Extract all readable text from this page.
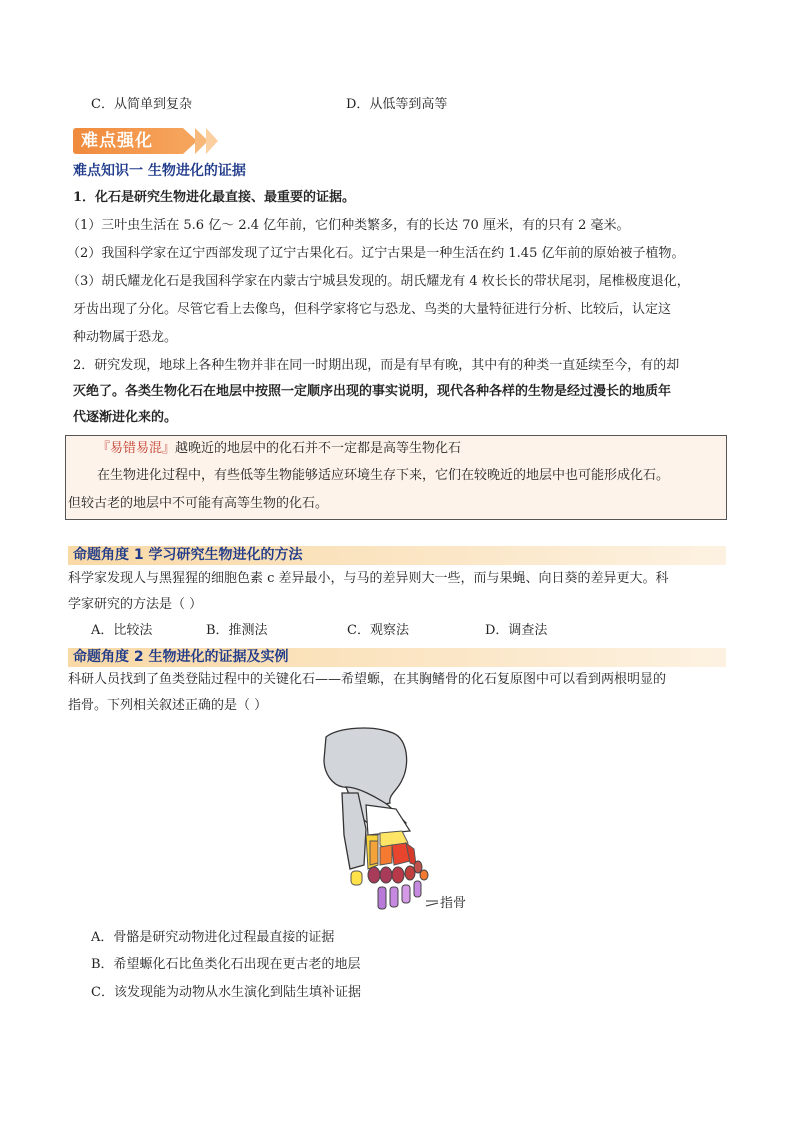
C．从简单到复杂	D．从低等到高等
难点强化
难点知识一 生物进化的证据
1．化石是研究生物进化最直接、最重要的证据。
（1）三叶虫生活在 5.6 亿～ 2.4 亿年前，它们种类繁多，有的长达 70 厘米，有的只有 2 毫米。
（2）我国科学家在辽宁西部发现了辽宁古果化石。辽宁古果是一种生活在约 1.45 亿年前的原始被子植物。
（3）胡氏耀龙化石是我国科学家在内蒙古宁城县发现的。胡氏耀龙有 4 枚长长的带状尾羽，尾椎极度退化，
牙齿出现了分化。尽管它看上去像鸟，但科学家将它与恐龙、鸟类的大量特征进行分析、比较后，认定这
种动物属于恐龙。
2．研究发现，地球上各种生物并非在同一时期出现，而是有早有晚，其中有的种类一直延续至今，有的却
灭绝了。各类生物化石在地层中按照一定顺序出现的事实说明，现代各种各样的生物是经过漫长的地质年
代逐渐进化来的。
『易错易混』越晚近的地层中的化石并不一定都是高等生物化石
在生物进化过程中，有些低等生物能够适应环境生存下来，它们在较晚近的地层中也可能形成化石。
但较古老的地层中不可能有高等生物的化石。
命题角度 1 学习研究生物进化的方法
科学家发现人与黑猩猩的细胞色素 c 差异最小，与马的差异则大一些，而与果蝇、向日葵的差异更大。科
学家研究的方法是（ ）
A．比较法	B．推测法	C．观察法	D．调查法
命题角度 2 生物进化的证据及实例
科研人员找到了鱼类登陆过程中的关键化石——希望螈，在其胸鳍骨的化石复原图中可以看到两根明显的
指骨。下列相关叙述正确的是（ ）
指骨
A．骨骼是研究动物进化过程最直接的证据
B．希望螈化石比鱼类化石出现在更古老的地层
C．该发现能为动物从水生演化到陆生填补证据
